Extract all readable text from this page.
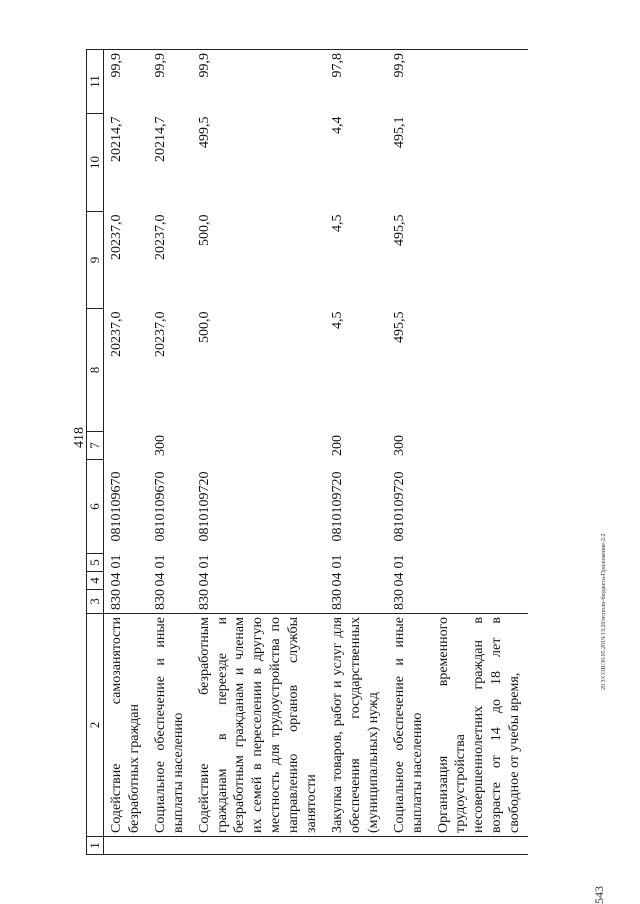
418
20 3/СОВ/30.05.2019/13:20/исполн-бюджета-Приложение-2.2
543
1	2	3	4	5	6	7	8	9	10	11
	Содействие самозанятости безработных граждан	830	04	01	0810109670		20237,0	20237,0	20214,7	99,9
	Социальное обеспечение и иные выплаты населению	830	04	01	0810109670	300	20237,0	20237,0	20214,7	99,9
	Содействие безработным гражданам в переезде и безработным гражданам и членам их семей в переселении в другую местность для трудоустройства по направлению органов службы занятости	830	04	01	0810109720		500,0	500,0	499,5	99,9
	Закупка товаров, работ и услуг для обеспечения государственных (муниципальных) нужд	830	04	01	0810109720	200	4,5	4,5	4,4	97,8
	Социальное обеспечение и иные выплаты населению	830	04	01	0810109720	300	495,5	495,5	495,1	99,9
	Организация временного трудоустройства несовершеннолетних граждан в возрасте от 14 до 18 лет в свободное от учебы время,									
